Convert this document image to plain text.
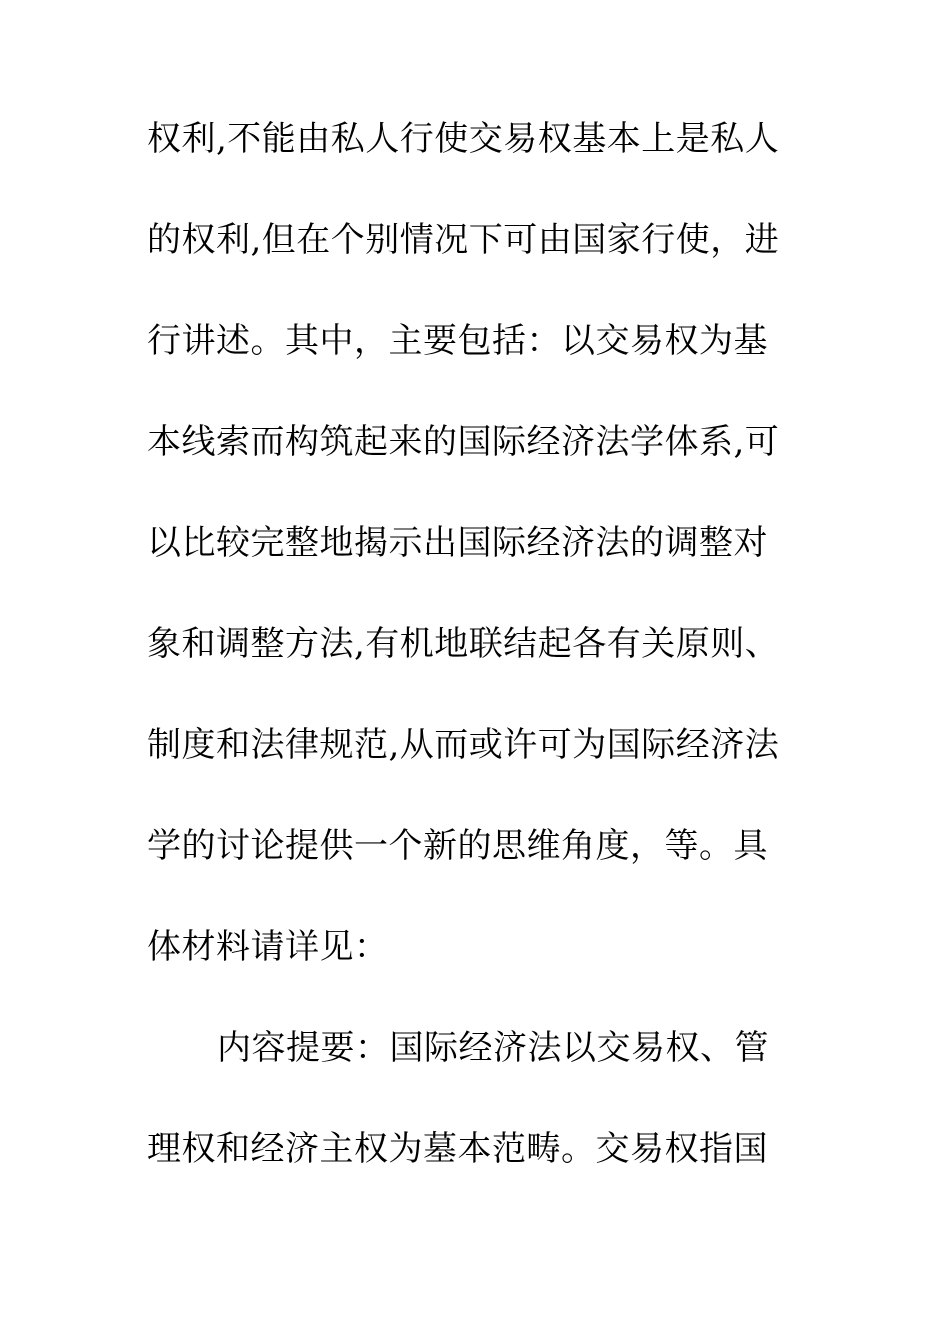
权利,不能由私人行使交易权基本上是私人
的权利,但在个别情况下可由国家行使，进
行讲述。其中，主要包括：以交易权为基
本线索而构筑起来的国际经济法学体系,可
以比较完整地揭示出国际经济法的调整对
象和调整方法,有机地联结起各有关原则、
制度和法律规范,从而或许可为国际经济法
学的讨论提供一个新的思维角度，等。具
体材料请详见：
内容提要：国际经济法以交易权、管
理权和经济主权为墓本范畴。交易权指国
